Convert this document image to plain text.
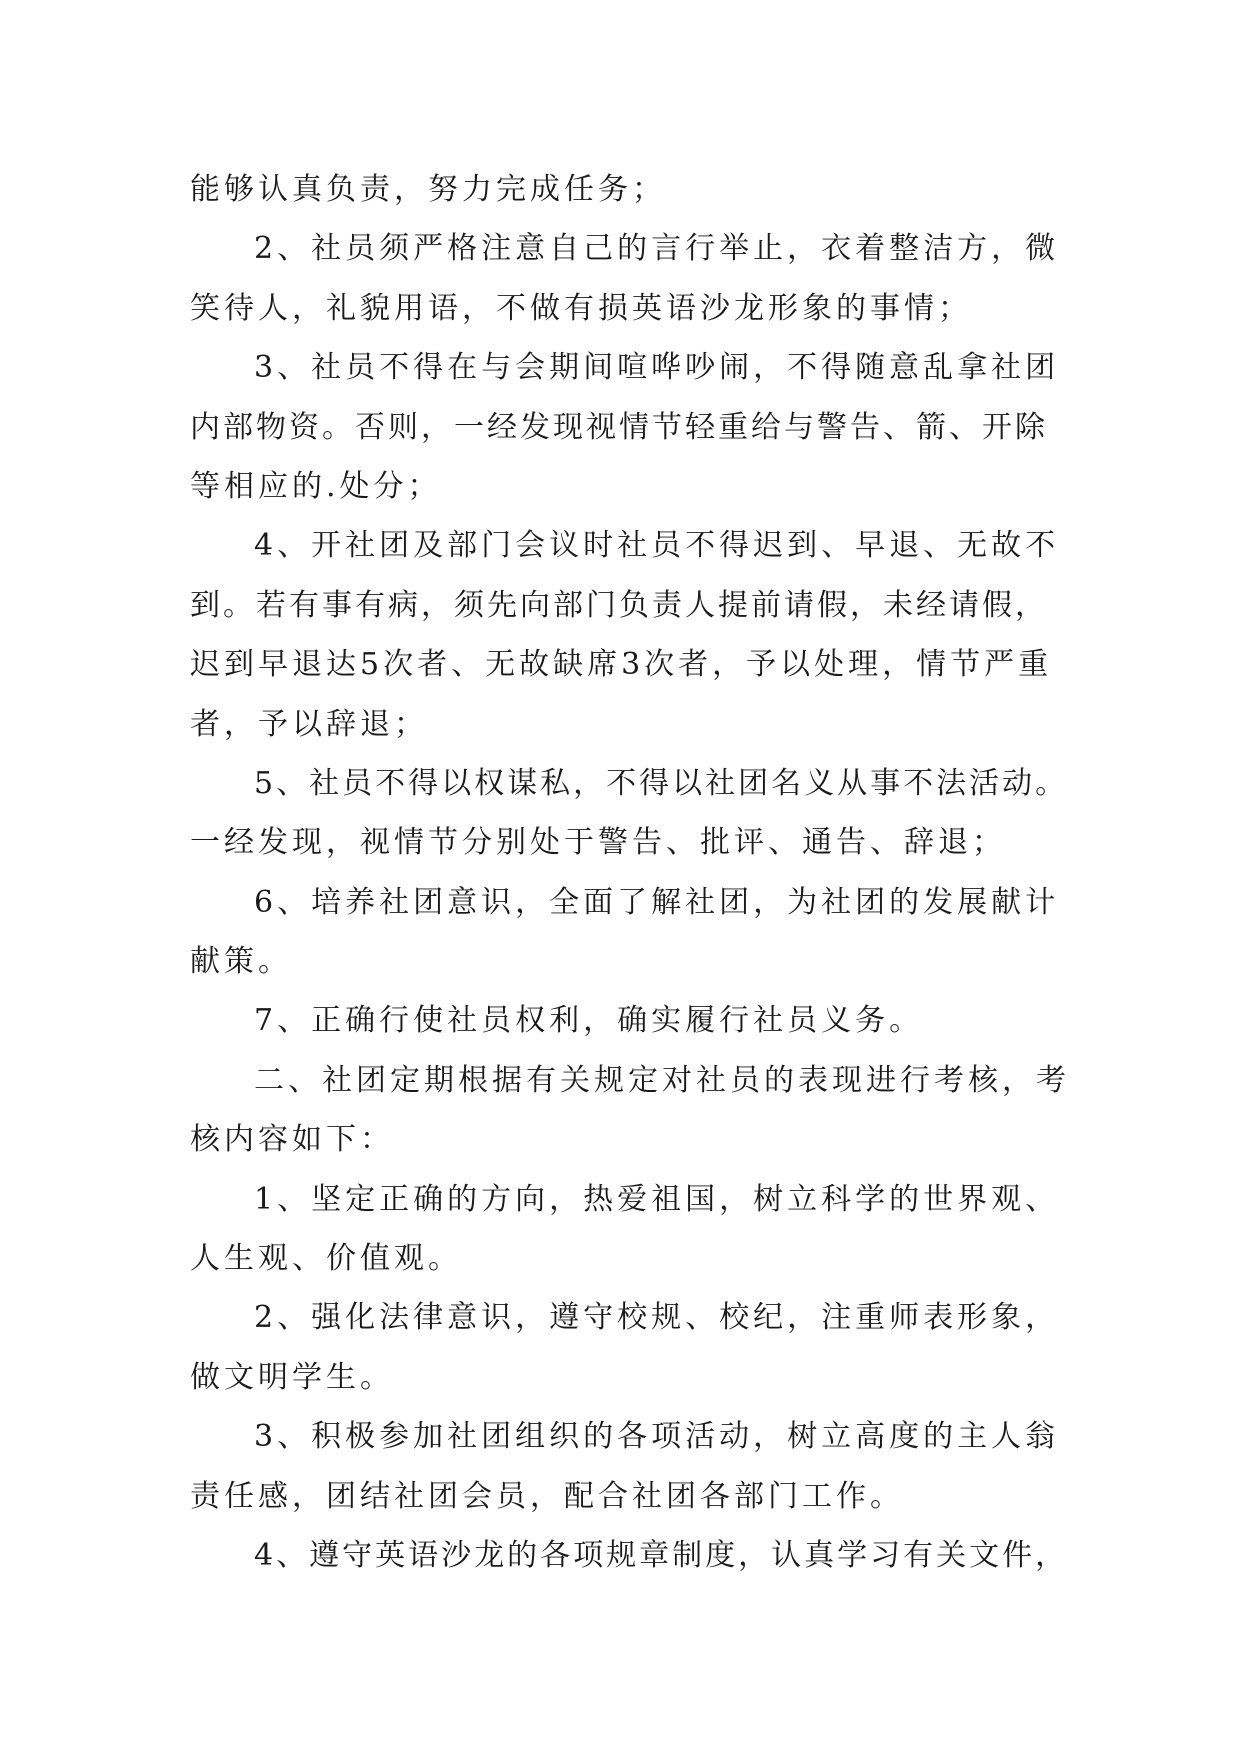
能够认真负责，努力完成任务；
2、社员须严格注意自己的言行举止，衣着整洁方，微
笑待人，礼貌用语，不做有损英语沙龙形象的事情；
3、社员不得在与会期间喧哗吵闹，不得随意乱拿社团
内部物资。否则，一经发现视情节轻重给与警告、箭、开除
等相应的.处分；
4、开社团及部门会议时社员不得迟到、早退、无故不
到。若有事有病，须先向部门负责人提前请假，未经请假，
迟到早退达5次者、无故缺席3次者，予以处理，情节严重
者，予以辞退；
5、社员不得以权谋私，不得以社团名义从事不法活动。
一经发现，视情节分别处于警告、批评、通告、辞退；
6、培养社团意识，全面了解社团，为社团的发展献计
献策。
7、正确行使社员权利，确实履行社员义务。
二、社团定期根据有关规定对社员的表现进行考核，考
核内容如下：
1、坚定正确的方向，热爱祖国，树立科学的世界观、
人生观、价值观。
2、强化法律意识，遵守校规、校纪，注重师表形象，
做文明学生。
3、积极参加社团组织的各项活动，树立高度的主人翁
责任感，团结社团会员，配合社团各部门工作。
4、遵守英语沙龙的各项规章制度，认真学习有关文件，
